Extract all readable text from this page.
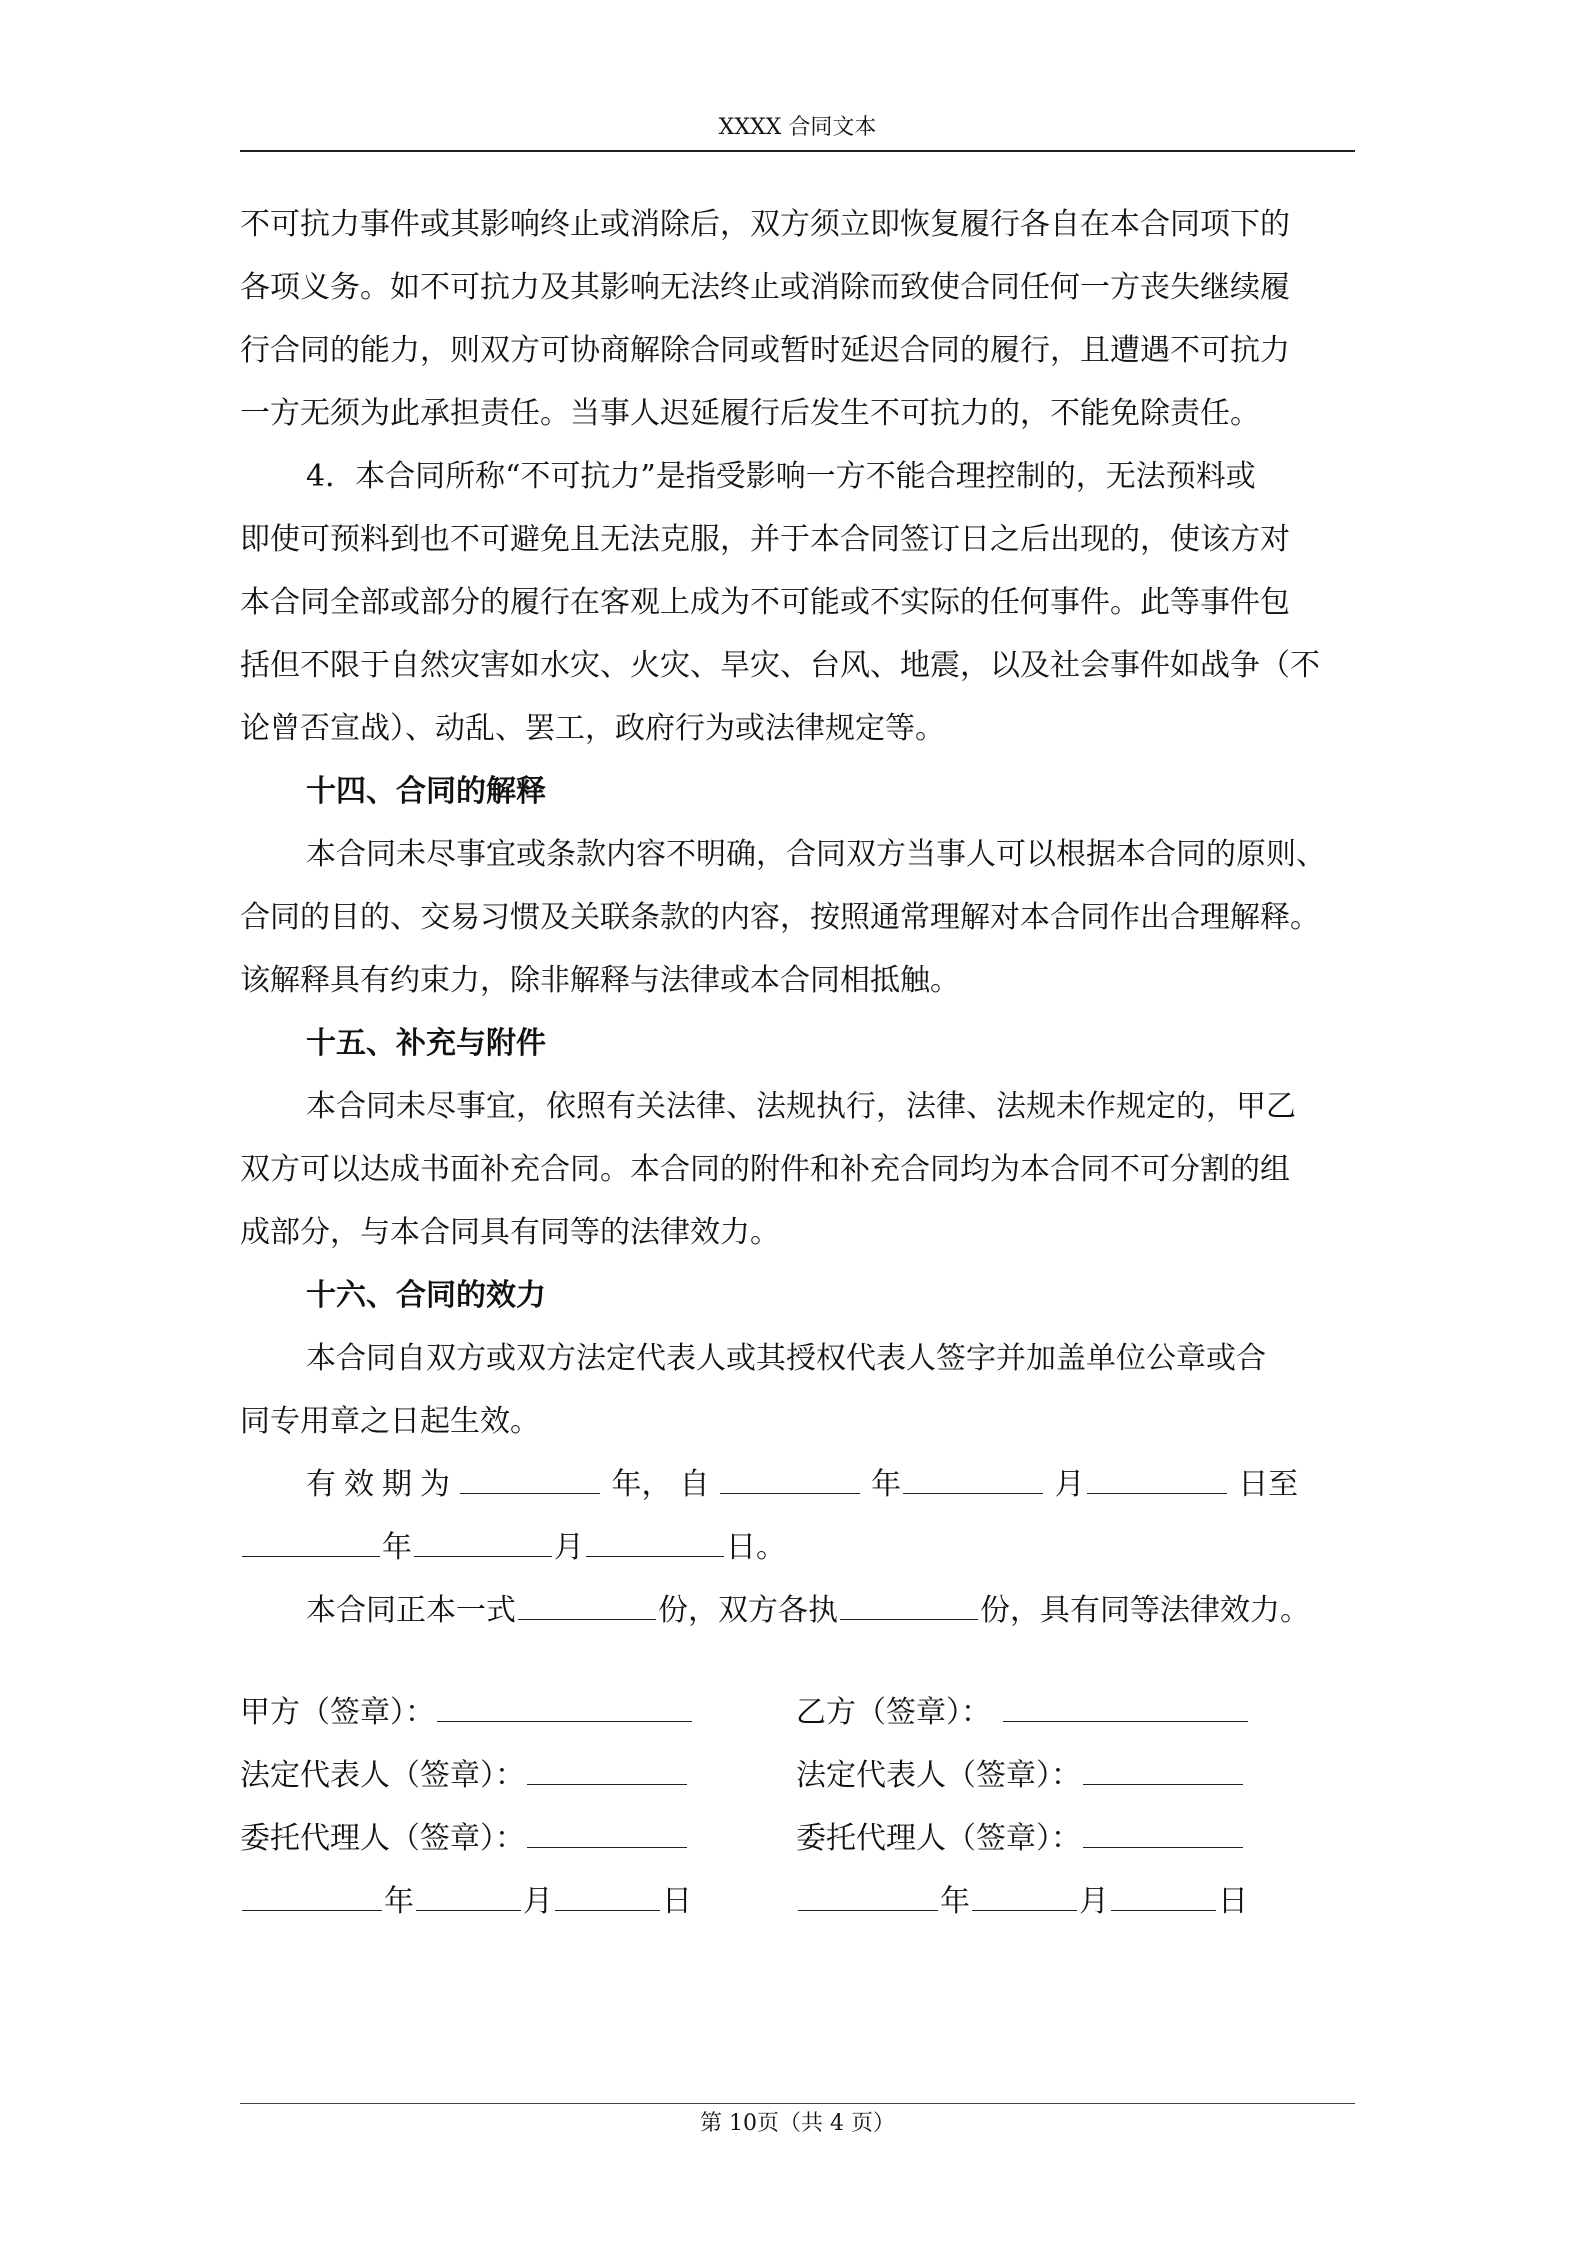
XXXX 合同文本
不可抗力事件或其影响终止或消除后，双方须立即恢复履行各自在本合同项下的
各项义务。如不可抗力及其影响无法终止或消除而致使合同任何一方丧失继续履
行合同的能力，则双方可协商解除合同或暂时延迟合同的履行，且遭遇不可抗力
一方无须为此承担责任。当事人迟延履行后发生不可抗力的，不能免除责任。
4．本合同所称“不可抗力”是指受影响一方不能合理控制的，无法预料或
即使可预料到也不可避免且无法克服，并于本合同签订日之后出现的，使该方对
本合同全部或部分的履行在客观上成为不可能或不实际的任何事件。此等事件包
括但不限于自然灾害如水灾、火灾、旱灾、台风、地震，以及社会事件如战争（不
论曾否宣战）、动乱、罢工，政府行为或法律规定等。
十四、合同的解释
本合同未尽事宜或条款内容不明确，合同双方当事人可以根据本合同的原则、
合同的目的、交易习惯及关联条款的内容，按照通常理解对本合同作出合理解释。
该解释具有约束力，除非解释与法律或本合同相抵触。
十五、补充与附件
本合同未尽事宜，依照有关法律、法规执行，法律、法规未作规定的，甲乙
双方可以达成书面补充合同。本合同的附件和补充合同均为本合同不可分割的组
成部分，与本合同具有同等的法律效力。
十六、合同的效力
本合同自双方或双方法定代表人或其授权代表人签字并加盖单位公章或合
同专用章之日起生效。
有效期为	年，自	年	月	日至
年	月	日。
本合同正本一式	份，双方各执	份，具有同等法律效力。
甲方（签章）：	乙方（签章）：
法定代表人（签章）：	法定代表人（签章）：
委托代理人（签章）：	委托代理人（签章）：
年	月	日	年	月	日
第 10页（共 4 页）
